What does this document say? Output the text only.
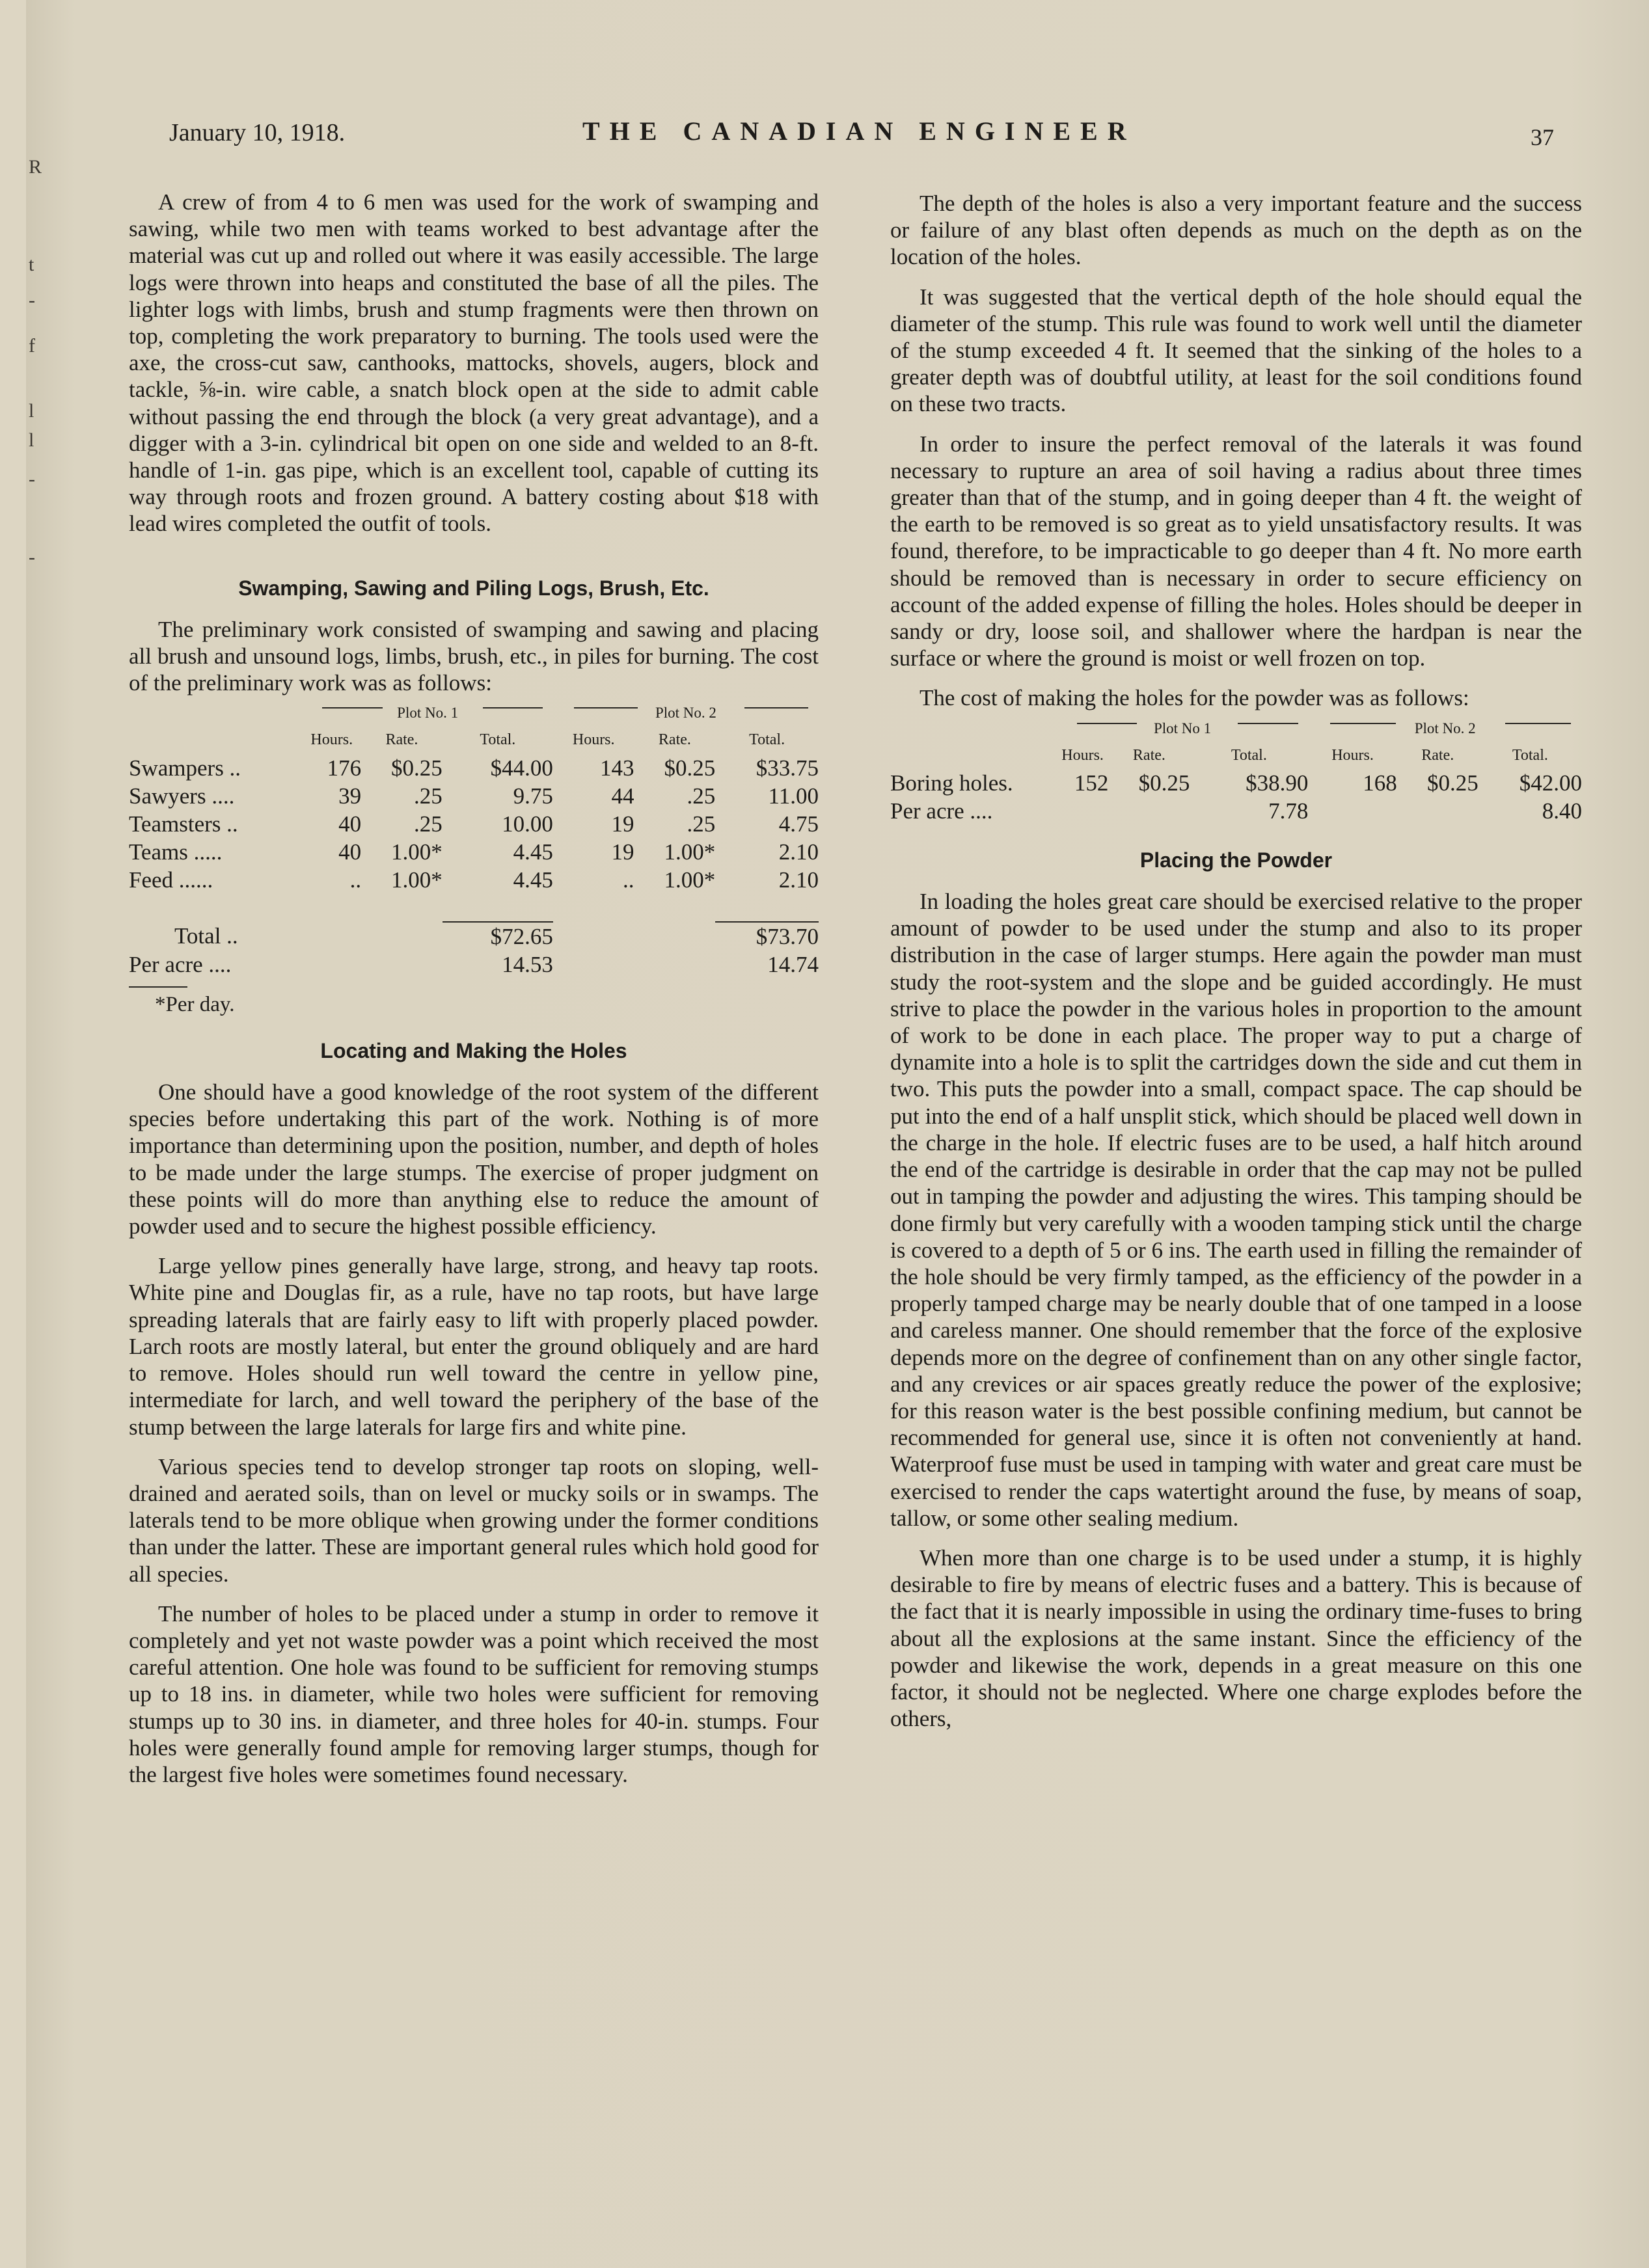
R
t
-
f
l
l
-
-
January 10, 1918.	THE CANADIAN ENGINEER	37

A crew of from 4 to 6 men was used for the work of swamping and sawing, while two men with teams worked to best advantage after the material was cut up and rolled out where it was easily accessible. The large logs were thrown into heaps and constituted the base of all the piles. The lighter logs with limbs, brush and stump fragments were then thrown on top, completing the work preparatory to burning. The tools used were the axe, the cross-cut saw, canthooks, mattocks, shovels, augers, block and tackle, ⅝-in. wire cable, a snatch block open at the side to admit cable without passing the end through the block (a very great advantage), and a digger with a 3-in. cylindrical bit open on one side and welded to an 8-ft. handle of 1-in. gas pipe, which is an excellent tool, capable of cutting its way through roots and frozen ground. A battery costing about $18 with lead wires completed the outfit of tools.

Swamping, Sawing and Piling Logs, Brush, Etc.

The preliminary work consisted of swamping and sawing and placing all brush and unsound logs, limbs, brush, etc., in piles for burning. The cost of the preliminary work was as follows:

	Plot No. 1			Plot No. 2		

	Hours.	Rate.	Total.	Hours.	Rate.	Total.
Swampers ..	176	$0.25	$44.00	143	$0.25	$33.75
Sawyers ....	39	.25	9.75	44	.25	11.00
Teamsters ..	40	.25	10.00	19	.25	4.75
Teams .....	40	1.00*	4.45	19	1.00*	2.10
Feed ......	..	1.00*	4.45	..	1.00*	2.10

Total ..			$72.65			$73.70
Per acre ....			14.53			14.74
*Per day.
Locating and Making the Holes

One should have a good knowledge of the root system of the different species before undertaking this part of the work. Nothing is of more importance than determining upon the position, number, and depth of holes to be made under the large stumps. The exercise of proper judgment on these points will do more than anything else to reduce the amount of powder used and to secure the highest possible efficiency.

Large yellow pines generally have large, strong, and heavy tap roots. White pine and Douglas fir, as a rule, have no tap roots, but have large spreading laterals that are fairly easy to lift with properly placed powder. Larch roots are mostly lateral, but enter the ground obliquely and are hard to remove. Holes should run well toward the centre in yellow pine, intermediate for larch, and well toward the periphery of the base of the stump between the large laterals for large firs and white pine.

Various species tend to develop stronger tap roots on sloping, well-drained and aerated soils, than on level or mucky soils or in swamps. The laterals tend to be more oblique when growing under the former conditions than under the latter. These are important general rules which hold good for all species.

The number of holes to be placed under a stump in order to remove it completely and yet not waste powder was a point which received the most careful attention. One hole was found to be sufficient for removing stumps up to 18 ins. in diameter, while two holes were sufficient for removing stumps up to 30 ins. in diameter, and three holes for 40-in. stumps. Four holes were generally found ample for removing larger stumps, though for the largest five holes were sometimes found necessary.

The depth of the holes is also a very important feature and the success or failure of any blast often depends as much on the depth as on the location of the holes.

It was suggested that the vertical depth of the hole should equal the diameter of the stump. This rule was found to work well until the diameter of the stump exceeded 4 ft. It seemed that the sinking of the holes to a greater depth was of doubtful utility, at least for the soil conditions found on these two tracts.

In order to insure the perfect removal of the laterals it was found necessary to rupture an area of soil having a radius about three times greater than that of the stump, and in going deeper than 4 ft. the weight of the earth to be removed is so great as to yield unsatisfactory results. It was found, therefore, to be impracticable to go deeper than 4 ft. No more earth should be removed than is necessary in order to secure efficiency on account of the added expense of filling the holes. Holes should be deeper in sandy or dry, loose soil, and shallower where the hardpan is near the surface or where the ground is moist or well frozen on top.

The cost of making the holes for the powder was as follows:

	Plot No 1			Plot No. 2		

	Hours.	Rate.	Total.	Hours.	Rate.	Total.
Boring holes.	152	$0.25	$38.90	168	$0.25	$42.00
Per acre ....			7.78			8.40
Placing the Powder

In loading the holes great care should be exercised relative to the proper amount of powder to be used under the stump and also to its proper distribution in the case of larger stumps. Here again the powder man must study the root-system and the slope and be guided accordingly. He must strive to place the powder in the various holes in proportion to the amount of work to be done in each place. The proper way to put a charge of dynamite into a hole is to split the cartridges down the side and cut them in two. This puts the powder into a small, compact space. The cap should be put into the end of a half unsplit stick, which should be placed well down in the charge in the hole. If electric fuses are to be used, a half hitch around the end of the cartridge is desirable in order that the cap may not be pulled out in tamping the powder and adjusting the wires. This tamping should be done firmly but very carefully with a wooden tamping stick until the charge is covered to a depth of 5 or 6 ins. The earth used in filling the remainder of the hole should be very firmly tamped, as the efficiency of the powder in a properly tamped charge may be nearly double that of one tamped in a loose and careless manner. One should remember that the force of the explosive depends more on the degree of confinement than on any other single factor, and any crevices or air spaces greatly reduce the power of the explosive; for this reason water is the best possible confining medium, but cannot be recommended for general use, since it is often not conveniently at hand. Waterproof fuse must be used in tamping with water and great care must be exercised to render the caps watertight around the fuse, by means of soap, tallow, or some other sealing medium.

When more than one charge is to be used under a stump, it is highly desirable to fire by means of electric fuses and a battery. This is because of the fact that it is nearly impossible in using the ordinary time-fuses to bring about all the explosions at the same instant. Since the efficiency of the powder and likewise the work, depends in a great measure on this one factor, it should not be neglected. Where one charge explodes before the others,
